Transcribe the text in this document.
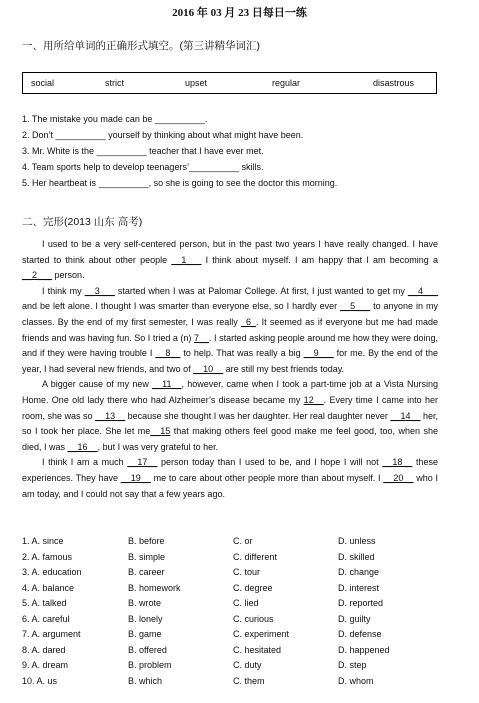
2016 年 03 月 23 日每日一练
一、用所给单词的正确形式填空。(第三讲精华词汇)
social	strict	upset	regular	disastrous
1. The mistake you made can be __________.
2. Don’t __________ yourself by thinking about what might have been.
3. Mr. White is the __________ teacher that I have ever met.
4. Team sports help to develop teenagers’__________ skills.
5. Her heartbeat is __________, so she is going to see the doctor this morning.
二、完形(2013 山东 高考)

I used to be a very self-centered person, but in the past two years I have really changed. I have started to think about other people __1___ I think about myself. I am happy that I am becoming a __2___ person.

I think my __3___ started when I was at Palomar College. At first, I just wanted to get my __4___ and be left alone. I thought I was smarter than everyone else, so I hardly ever __5___ to anyone in my classes. By the end of my first semester, I was really _6_. It seemed as if everyone but me had made friends and was having fun. So I tried a (n) 7__. I started asking people around me how they were doing, and if they were having trouble I __8__ to help. That was really a big __9___ for me. By the end of the year, I had several new friends, and two of __10__ are still my best friends today.

A bigger cause of my new __11__, however, came when I took a part-time job at a Vista Nursing Home. One old lady there who had Alzheimer’s disease became my 12__. Every time I came into her room, she was so __13__ because she thought I was her daughter. Her real daughter never __14__ her, so I took her place. She let me__15 that making others feel good make me feel good, too, when she died, I was __16__, but I was very grateful to her.

I think I am a much __17__ person today than I used to be, and I hope I will not __18__ these experiences. They have __19__ me to care about other people more than about myself. I __20__ who I am today, and I could not say that a few years ago.

1. A. since	B. before	C. or	D. unless
2. A. famous	B. simple	C. different	D. skilled
3. A. education	B. career	C. tour	D. change
4. A. balance	B. homework	C. degree	D. interest
5. A. talked	B. wrote	C. lied	D. reported
6. A. careful	B. lonely	C. curious	D. guilty
7. A. argument	B. game	C. experiment	D. defense
8. A. dared	B. offered	C. hesitated	D. happened
9. A. dream	B. problem	C. duty	D. step
10. A. us	B. which	C. them	D. whom
